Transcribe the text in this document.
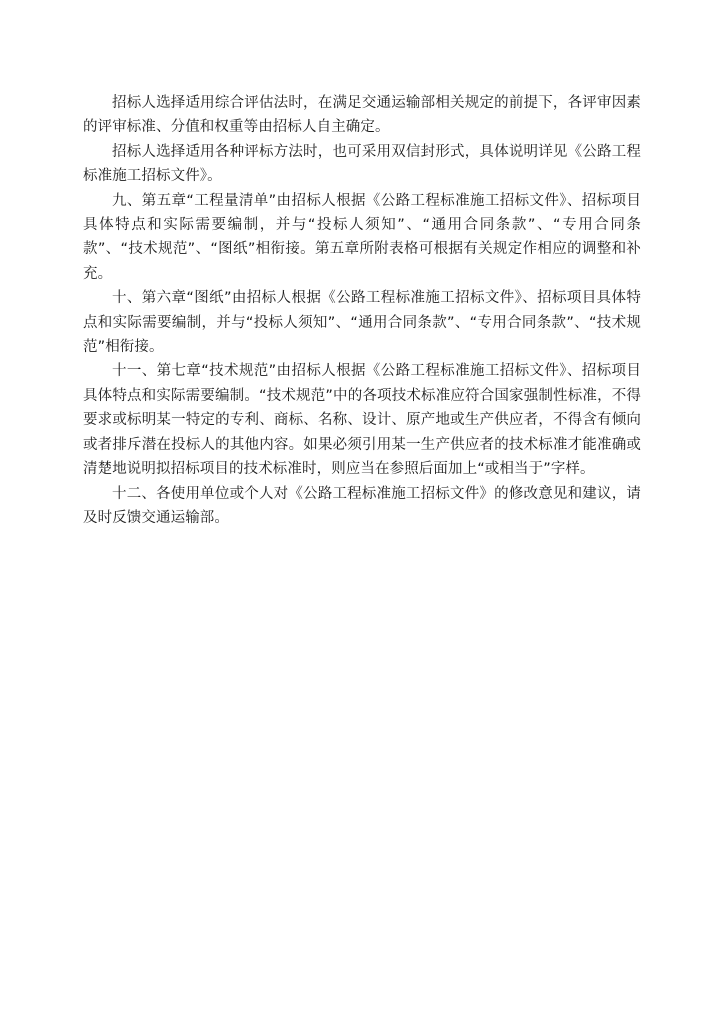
招标人选择适用综合评估法时，在满足交通运输部相关规定的前提下，各评审因素的评审标准、分值和权重等由招标人自主确定。

招标人选择适用各种评标方法时，也可采用双信封形式，具体说明详见《公路工程标准施工招标文件》。

九、第五章“工程量清单”由招标人根据《公路工程标准施工招标文件》、招标项目具体特点和实际需要编制，并与“投标人须知”、“通用合同条款”、“专用合同条款”、“技术规范”、“图纸”相衔接。第五章所附表格可根据有关规定作相应的调整和补充。

十、第六章“图纸”由招标人根据《公路工程标准施工招标文件》、招标项目具体特点和实际需要编制，并与“投标人须知”、“通用合同条款”、“专用合同条款”、“技术规范”相衔接。

十一、第七章“技术规范”由招标人根据《公路工程标准施工招标文件》、招标项目具体特点和实际需要编制。“技术规范”中的各项技术标准应符合国家强制性标准，不得要求或标明某一特定的专利、商标、名称、设计、原产地或生产供应者，不得含有倾向或者排斥潜在投标人的其他内容。如果必须引用某一生产供应者的技术标准才能准确或清楚地说明拟招标项目的技术标准时，则应当在参照后面加上“或相当于”字样。

十二、各使用单位或个人对《公路工程标准施工招标文件》的修改意见和建议，请及时反馈交通运输部。
